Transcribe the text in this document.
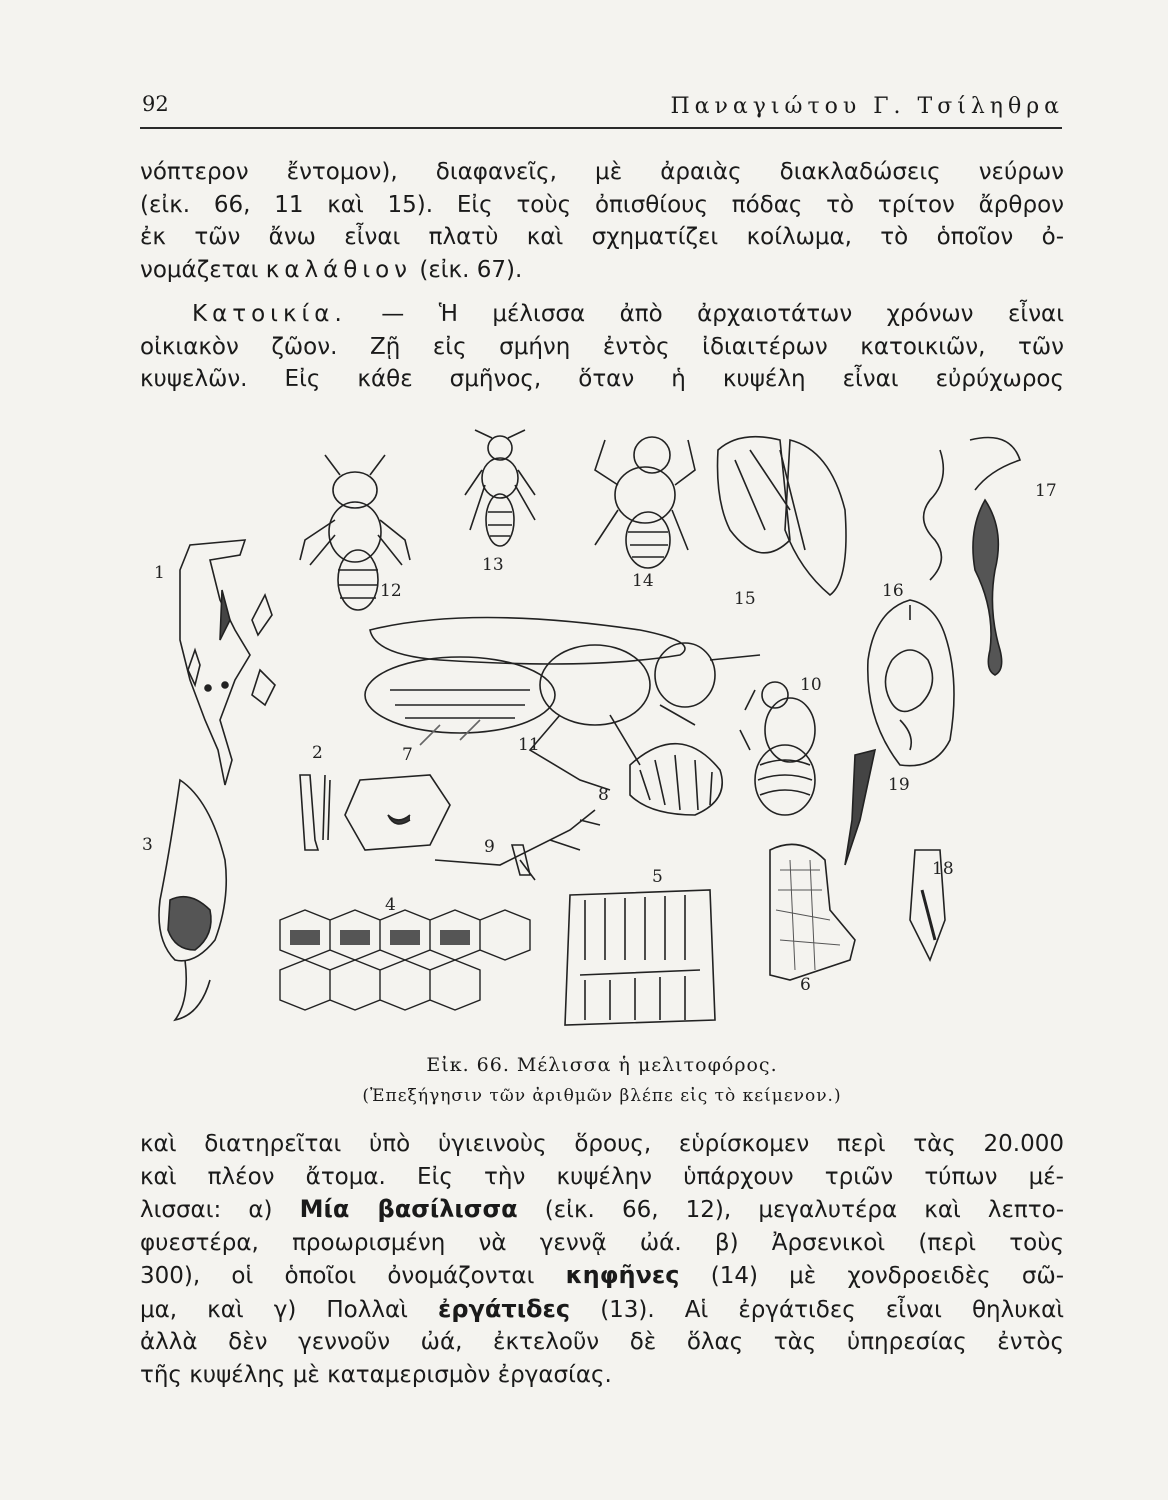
92	Παναγιώτου Γ. Τσίληθρα
νόπτερον ἔντομον), διαφανεῖς, μὲ ἀραιὰς διακλαδώσεις νεύρων
(εἰκ. 66, 11 καὶ 15). Εἰς τοὺς ὀπισθίους πόδας τὸ τρίτον ἄρθρον
ἐκ τῶν ἄνω εἶναι πλατὺ καὶ σχηματίζει κοίλωμα, τὸ ὁποῖον ὀ-
νομάζεται καλάθιον (εἰκ. 67).
Κατοικία. — Ἡ μέλισσα ἀπὸ ἀρχαιοτάτων χρόνων εἶναι
οἰκιακὸν ζῶον. Ζῇ εἰς σμήνη ἐντὸς ἰδιαιτέρων κατοικιῶν, τῶν
κυψελῶν. Εἰς κάθε σμῆνος, ὅταν ἡ κυψέλη εἶναι εὐρύχωρος
1
2
3
4
5
6
7
8
9
10
11
12
13
14
15	16
17
18
19
Εἰκ. 66. Μέλισσα ἡ μελιτοφόρος.
(Ἐπεξήγησιν τῶν ἀριθμῶν βλέπε εἰς τὸ κείμενον.)
καὶ διατηρεῖται ὑπὸ ὑγιεινοὺς ὅρους, εὑρίσκομεν περὶ τὰς 20.000
καὶ πλέον ἄτομα. Εἰς τὴν κυψέλην ὑπάρχουν τριῶν τύπων μέ-
λισσαι: α) Μία βασίλισσα (εἰκ. 66, 12), μεγαλυτέρα καὶ λεπτο-
φυεστέρα, προωρισμένη νὰ γεννᾷ ὠά. β) Ἀρσενικοὶ (περὶ τοὺς
300), οἱ ὁποῖοι ὀνομάζονται κηφῆνες (14) μὲ χονδροειδὲς σῶ-
μα, καὶ γ) Πολλαὶ ἐργάτιδες (13). Αἱ ἐργάτιδες εἶναι θηλυκαὶ
ἀλλὰ δὲν γεννοῦν ὠά, ἐκτελοῦν δὲ ὅλας τὰς ὑπηρεσίας ἐντὸς
τῆς κυψέλης μὲ καταμερισμὸν ἐργασίας.
